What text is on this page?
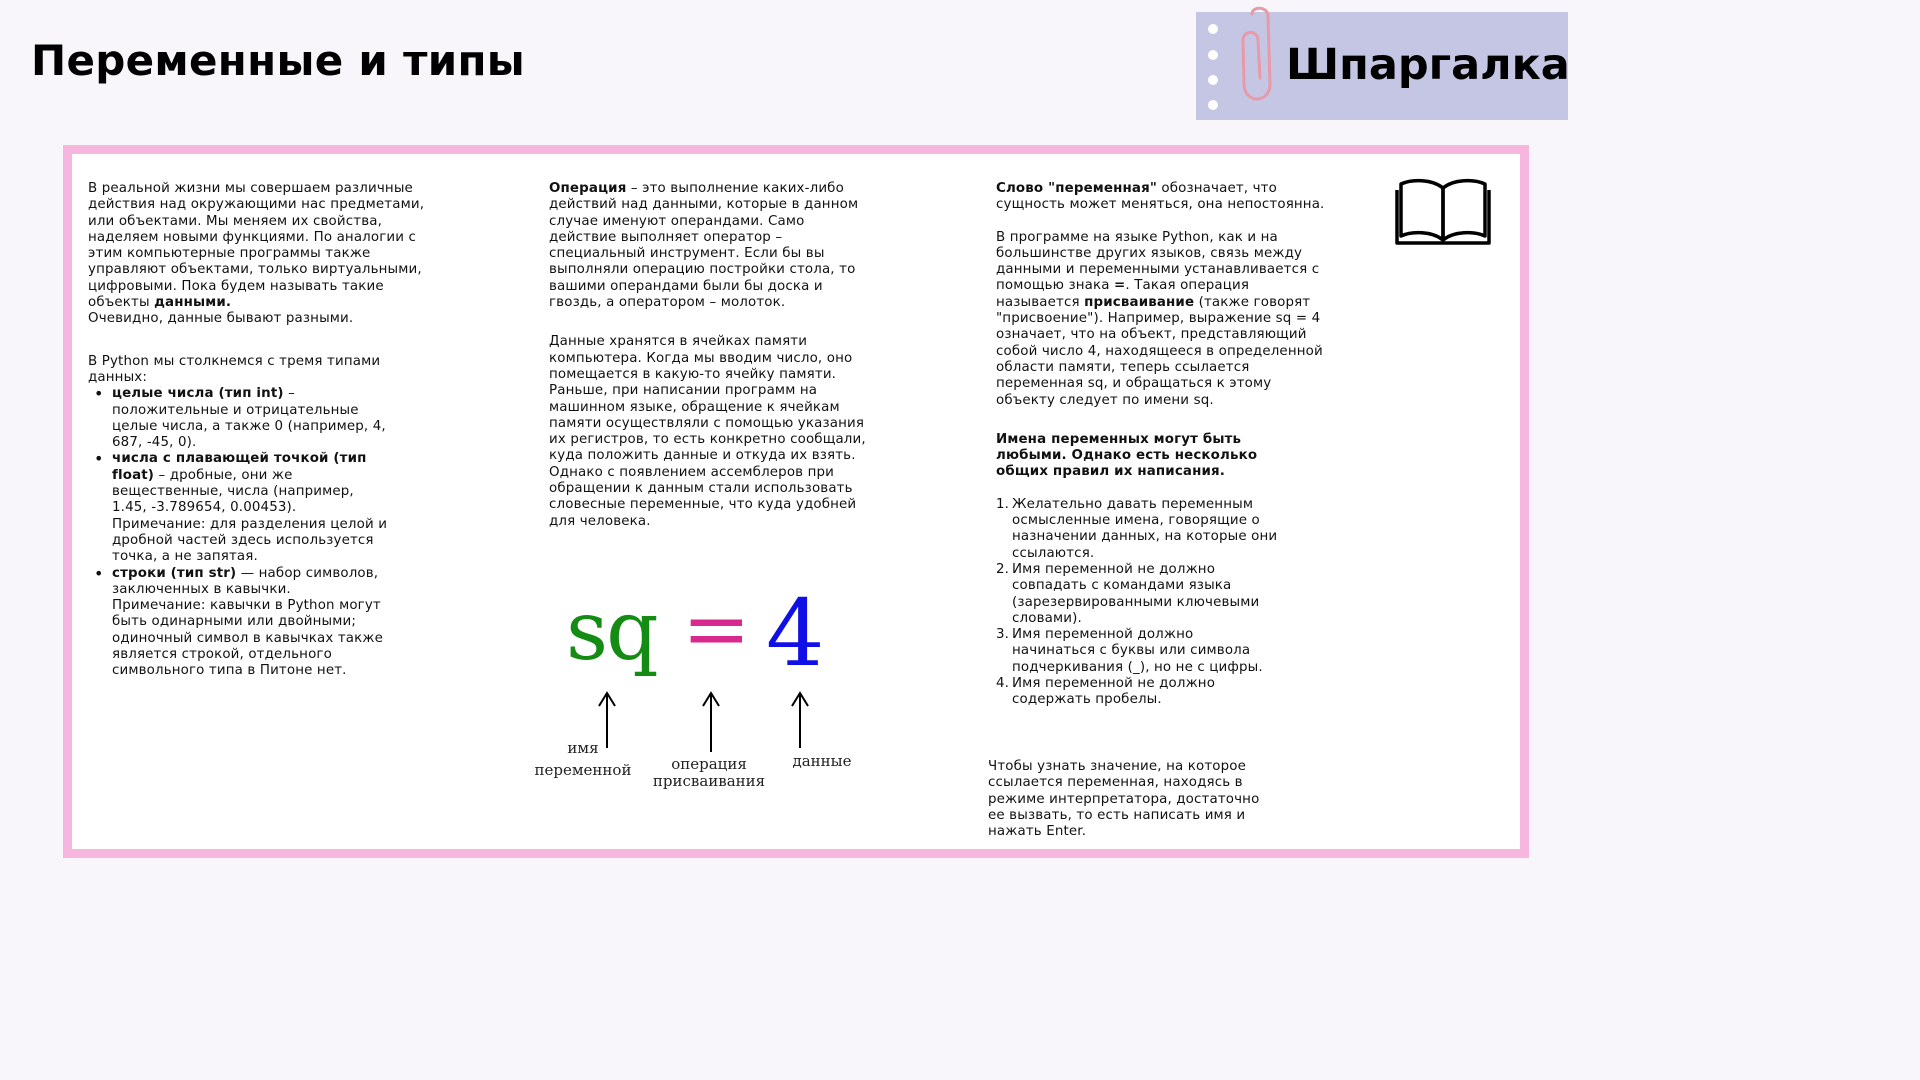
Переменные и типы	Шпаргалка

В реальной жизни мы совершаем различные действия над окружающими нас предметами, или объектами. Мы меняем их свойства, наделяем новыми функциями. По аналогии с этим компьютерные программы также управляют объектами, только виртуальными, цифровыми. Пока будем называть такие объекты данными.
Очевидно, данные бывают разными.

В Python мы столкнемся с тремя типами данных:

• целые числа (тип int) – положительные и отрицательные целые числа, а также 0 (например, 4, 687, -45, 0).
• числа с плавающей точкой (тип float) – дробные, они же вещественные, числа (например, 1.45, -3.789654, 0.00453). Примечание: для разделения целой и дробной частей здесь используется точка, а не запятая.
• строки (тип str) — набор символов, заключенных в кавычки. Примечание: кавычки в Python могут быть одинарными или двойными; одиночный символ в кавычках также является строкой, отдельного символьного типа в Питоне нет.

Операция – это выполнение каких-либо действий над данными, которые в данном случае именуют операндами. Само действие выполняет оператор – специальный инструмент. Если бы вы выполняли операцию постройки стола, то вашими операндами были бы доска и гвоздь, а оператором – молоток.

Данные хранятся в ячейках памяти компьютера. Когда мы вводим число, оно помещается в какую-то ячейку памяти. Раньше, при написании программ на машинном языке, обращение к ячейкам памяти осуществляли с помощью указания их регистров, то есть конкретно сообщали, куда положить данные и откуда их взять. Однако с появлением ассемблеров при обращении к данным стали использовать словесные переменные, что куда удобней для человека.

sq = 4
имя
переменной	операция
присваивания
данные

Слово "переменная" обозначает, что сущность может меняться, она непостоянна.

В программе на языке Python, как и на большинстве других языков, связь между данными и переменными устанавливается с помощью знака =. Такая операция называется присваивание (также говорят "присвоение"). Например, выражение sq = 4 означает, что на объект, представляющий собой число 4, находящееся в определенной области памяти, теперь ссылается переменная sq, и обращаться к этому объекту следует по имени sq.

Имена переменных могут быть любыми. Однако есть несколько общих правил их написания.

1. Желательно давать переменным осмысленные имена, говорящие о назначении данных, на которые они ссылаются.
2. Имя переменной не должно совпадать с командами языка (зарезервированными ключевыми словами).
3. Имя переменной должно начинаться с буквы или символа подчеркивания (_), но не с цифры.
4. Имя переменной не должно содержать пробелы.
Чтобы узнать значение, на которое ссылается переменная, находясь в режиме интерпретатора, достаточно ее вызвать, то есть написать имя и нажать Enter.
